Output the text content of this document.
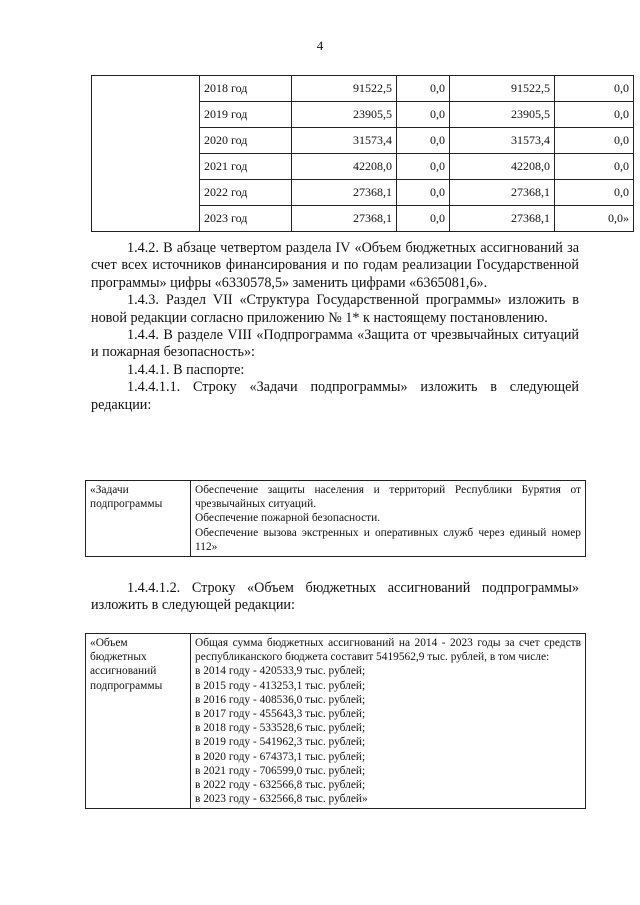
4
	2018 год	91522,5	0,0	91522,5	0,0
	2019 год	23905,5	0,0	23905,5	0,0
	2020 год	31573,4	0,0	31573,4	0,0
	2021 год	42208,0	0,0	42208,0	0,0
	2022 год	27368,1	0,0	27368,1	0,0
	2023 год	27368,1	0,0	27368,1	0,0»

1.4.2. В абзаце четвертом раздела IV «Объем бюджетных ассигнований за счет всех источников финансирования и по годам реализации Государственной программы» цифры «6330578,5» заменить цифрами «6365081,6».

1.4.3. Раздел VII «Структура Государственной программы» изложить в новой редакции согласно приложению № 1* к настоящему постановлению.

1.4.4. В разделе VIII «Подпрограмма «Защита от чрезвычайных ситуаций и пожарная безопасность»:

1.4.4.1. В паспорте:

1.4.4.1.1. Строку «Задачи подпрограммы» изложить в следующей редакции:

«Задачи подпрограммы	
Обеспечение защиты населения и территорий Республики Бурятия от чрезвычайных ситуаций.
Обеспечение пожарной безопасности.
Обеспечение вызова экстренных и оперативных служб через единый номер 112»

1.4.4.1.2. Строку «Объем бюджетных ассигнований подпрограммы» изложить в следующей редакции:

«Объем бюджетных ассигнований подпрограммы	
Общая сумма бюджетных ассигнований на 2014 - 2023 годы за счет средств республиканского бюджета составит 5419562,9 тыс. рублей, в том числе:
в 2014 году - 420533,9 тыс. рублей;
в 2015 году - 413253,1 тыс. рублей;
в 2016 году - 408536,0 тыс. рублей;
в 2017 году - 455643,3 тыс. рублей;
в 2018 году - 533528,6 тыс. рублей;
в 2019 году - 541962,3 тыс. рублей;
в 2020 году - 674373,1 тыс. рублей;
в 2021 году - 706599,0 тыс. рублей;
в 2022 году - 632566,8 тыс. рублей;
в 2023 году - 632566,8 тыс. рублей»
